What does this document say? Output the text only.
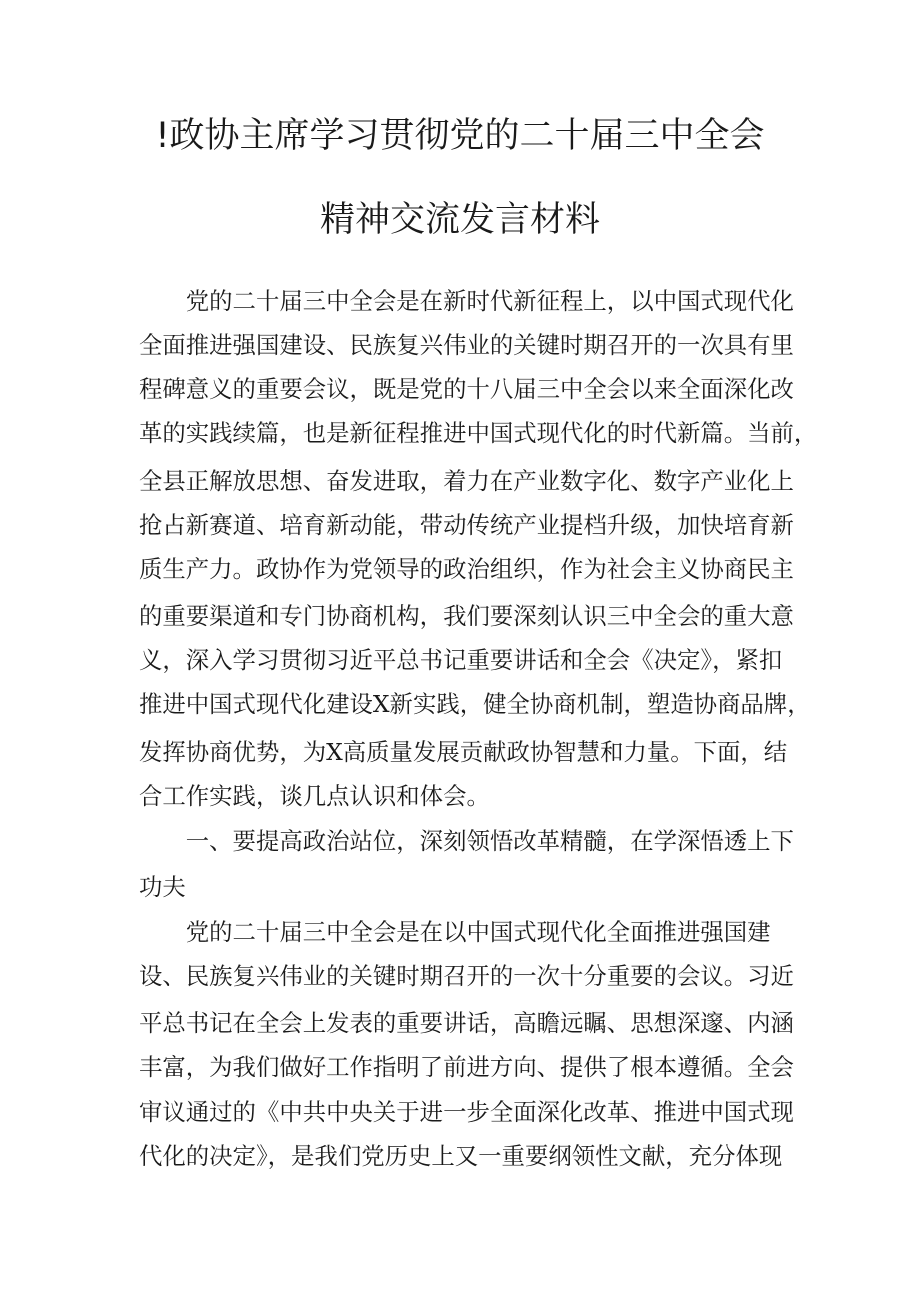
!政协主席学习贯彻党的二十届三中全会
精神交流发言材料
　　党的二十届三中全会是在新时代新征程上，以中国式现代化
全面推进强国建设、民族复兴伟业的关键时期召开的一次具有里
程碑意义的重要会议，既是党的十八届三中全会以来全面深化改
革的实践续篇，也是新征程推进中国式现代化的时代新篇。当前，
全县正解放思想、奋发进取，着力在产业数字化、数字产业化上
抢占新赛道、培育新动能，带动传统产业提档升级，加快培育新
质生产力。政协作为党领导的政治组织，作为社会主义协商民主
的重要渠道和专门协商机构，我们要深刻认识三中全会的重大意
义，深入学习贯彻习近平总书记重要讲话和全会《决定》，紧扣
推进中国式现代化建设X新实践，健全协商机制，塑造协商品牌，
发挥协商优势，为X高质量发展贡献政协智慧和力量。下面，结
合工作实践，谈几点认识和体会。
　　一、要提高政治站位，深刻领悟改革精髓，在学深悟透上下
功夫
　　党的二十届三中全会是在以中国式现代化全面推进强国建
设、民族复兴伟业的关键时期召开的一次十分重要的会议。习近
平总书记在全会上发表的重要讲话，高瞻远瞩、思想深邃、内涵
丰富，为我们做好工作指明了前进方向、提供了根本遵循。全会
审议通过的《中共中央关于进一步全面深化改革、推进中国式现
代化的决定》，是我们党历史上又一重要纲领性文献，充分体现
